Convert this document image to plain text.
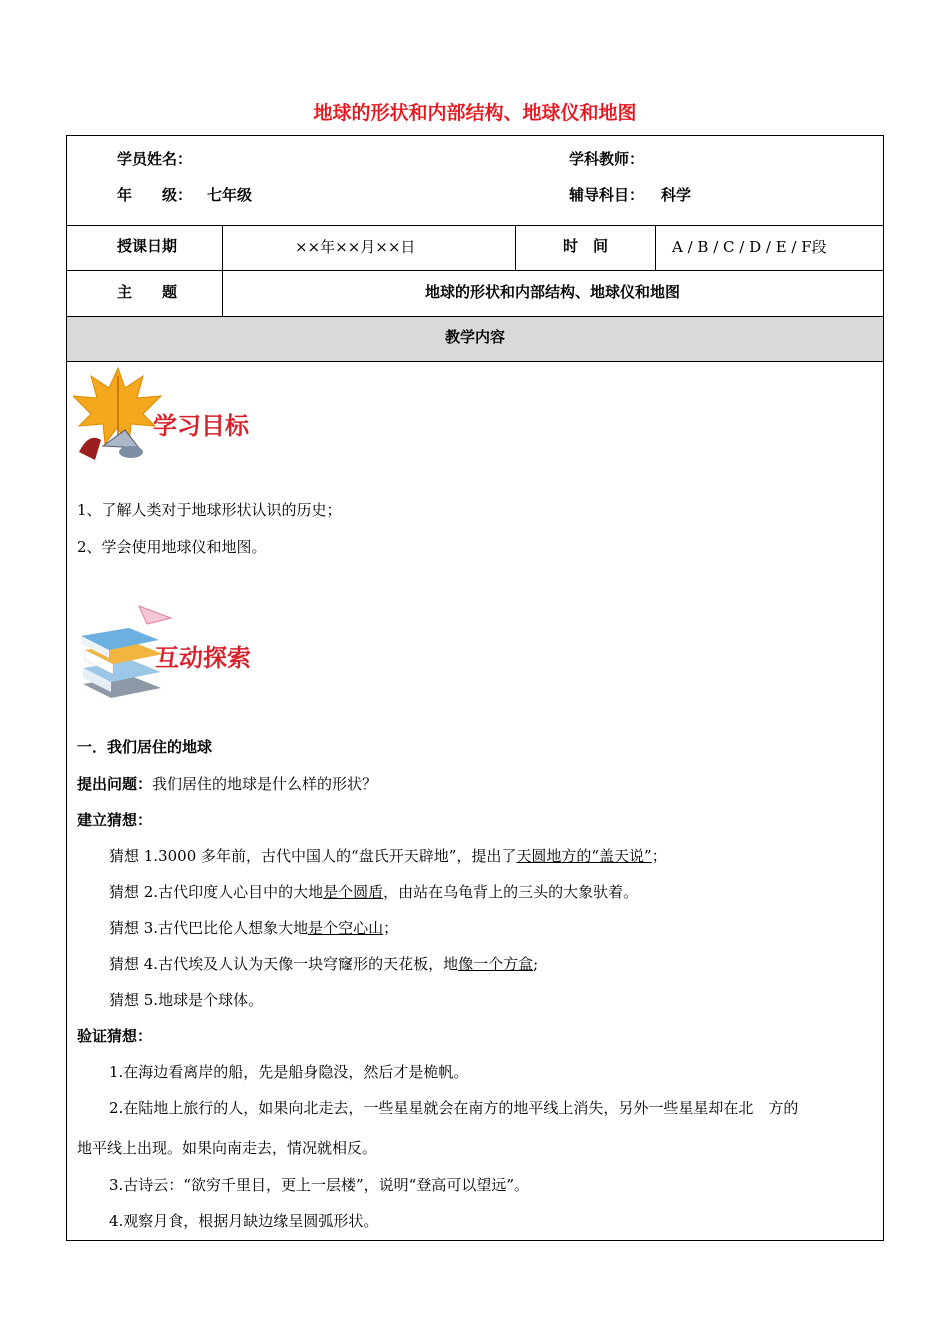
地球的形状和内部结构、地球仪和地图
学员姓名：	学科教师：
年　　级： 七年级	辅导科目： 科学
授课日期	××年××月××日	时　间	A / B / C / D / E / F段
主　　题	地球的形状和内部结构、地球仪和地图
教学内容
学习目标
1、了解人类对于地球形状认识的历史；
2、学会使用地球仪和地图。
互动探索
一．我们居住的地球
提出问题：我们居住的地球是什么样的形状？
建立猜想：
猜想 1.3000 多年前，古代中国人的“盘氏开天辟地”，提出了天圆地方的“盖天说”；
猜想 2.古代印度人心目中的大地是个圆盾，由站在乌龟背上的三头的大象驮着。
猜想 3.古代巴比伦人想象大地是个空心山；
猜想 4.古代埃及人认为天像一块穹窿形的天花板，地像一个方盒;
猜想 5.地球是个球体。
验证猜想：
1.在海边看离岸的船，先是船身隐没，然后才是桅帆。
2.在陆地上旅行的人，如果向北走去，一些星星就会在南方的地平线上消失，另外一些星星却在北　方的
地平线上出现。如果向南走去，情况就相反。
3.古诗云：“欲穷千里目，更上一层楼”，说明“登高可以望远”。
4.观察月食，根据月缺边缘呈圆弧形状。
